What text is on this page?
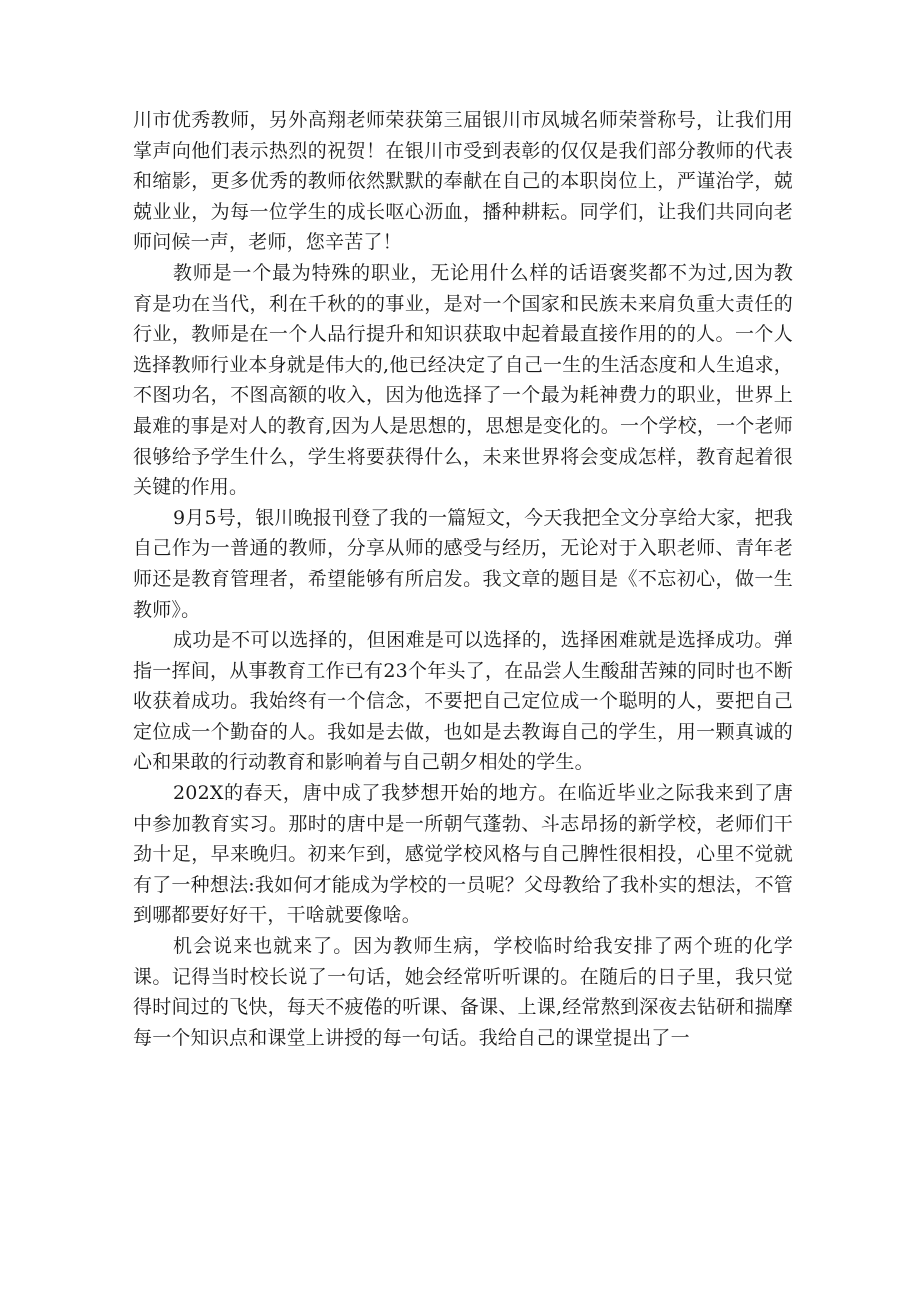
川市优秀教师，另外高翔老师荣获第三届银川市凤城名师荣誉称号，让我们用掌声向他们表示热烈的祝贺！在银川市受到表彰的仅仅是我们部分教师的代表和缩影，更多优秀的教师依然默默的奉献在自己的本职岗位上，严谨治学，兢兢业业，为每一位学生的成长呕心沥血，播种耕耘。同学们，让我们共同向老师问候一声，老师，您辛苦了！

教师是一个最为特殊的职业，无论用什么样的话语褒奖都不为过,因为教育是功在当代，利在千秋的的事业，是对一个国家和民族未来肩负重大责任的行业，教师是在一个人品行提升和知识获取中起着最直接作用的的人。一个人选择教师行业本身就是伟大的,他已经决定了自己一生的生活态度和人生追求，不图功名，不图高额的收入，因为他选择了一个最为耗神费力的职业，世界上最难的事是对人的教育,因为人是思想的，思想是变化的。一个学校，一个老师很够给予学生什么，学生将要获得什么，未来世界将会变成怎样，教育起着很关键的作用。

9月5号，银川晚报刊登了我的一篇短文，今天我把全文分享给大家，把我自己作为一普通的教师，分享从师的感受与经历，无论对于入职老师、青年老师还是教育管理者，希望能够有所启发。我文章的题目是《不忘初心，做一生教师》。

成功是不可以选择的，但困难是可以选择的，选择困难就是选择成功。弹指一挥间，从事教育工作已有23个年头了，在品尝人生酸甜苦辣的同时也不断收获着成功。我始终有一个信念，不要把自己定位成一个聪明的人，要把自己定位成一个勤奋的人。我如是去做，也如是去教诲自己的学生，用一颗真诚的心和果敢的行动教育和影响着与自己朝夕相处的学生。

202X的春天，唐中成了我梦想开始的地方。在临近毕业之际我来到了唐中参加教育实习。那时的唐中是一所朝气蓬勃、斗志昂扬的新学校，老师们干劲十足，早来晚归。初来乍到，感觉学校风格与自己脾性很相投，心里不觉就有了一种想法:我如何才能成为学校的一员呢？父母教给了我朴实的想法，不管到哪都要好好干，干啥就要像啥。

机会说来也就来了。因为教师生病，学校临时给我安排了两个班的化学课。记得当时校长说了一句话，她会经常听听课的。在随后的日子里，我只觉得时间过的飞快，每天不疲倦的听课、备课、上课,经常熬到深夜去钻研和揣摩每一个知识点和课堂上讲授的每一句话。我给自己的课堂提出了一
